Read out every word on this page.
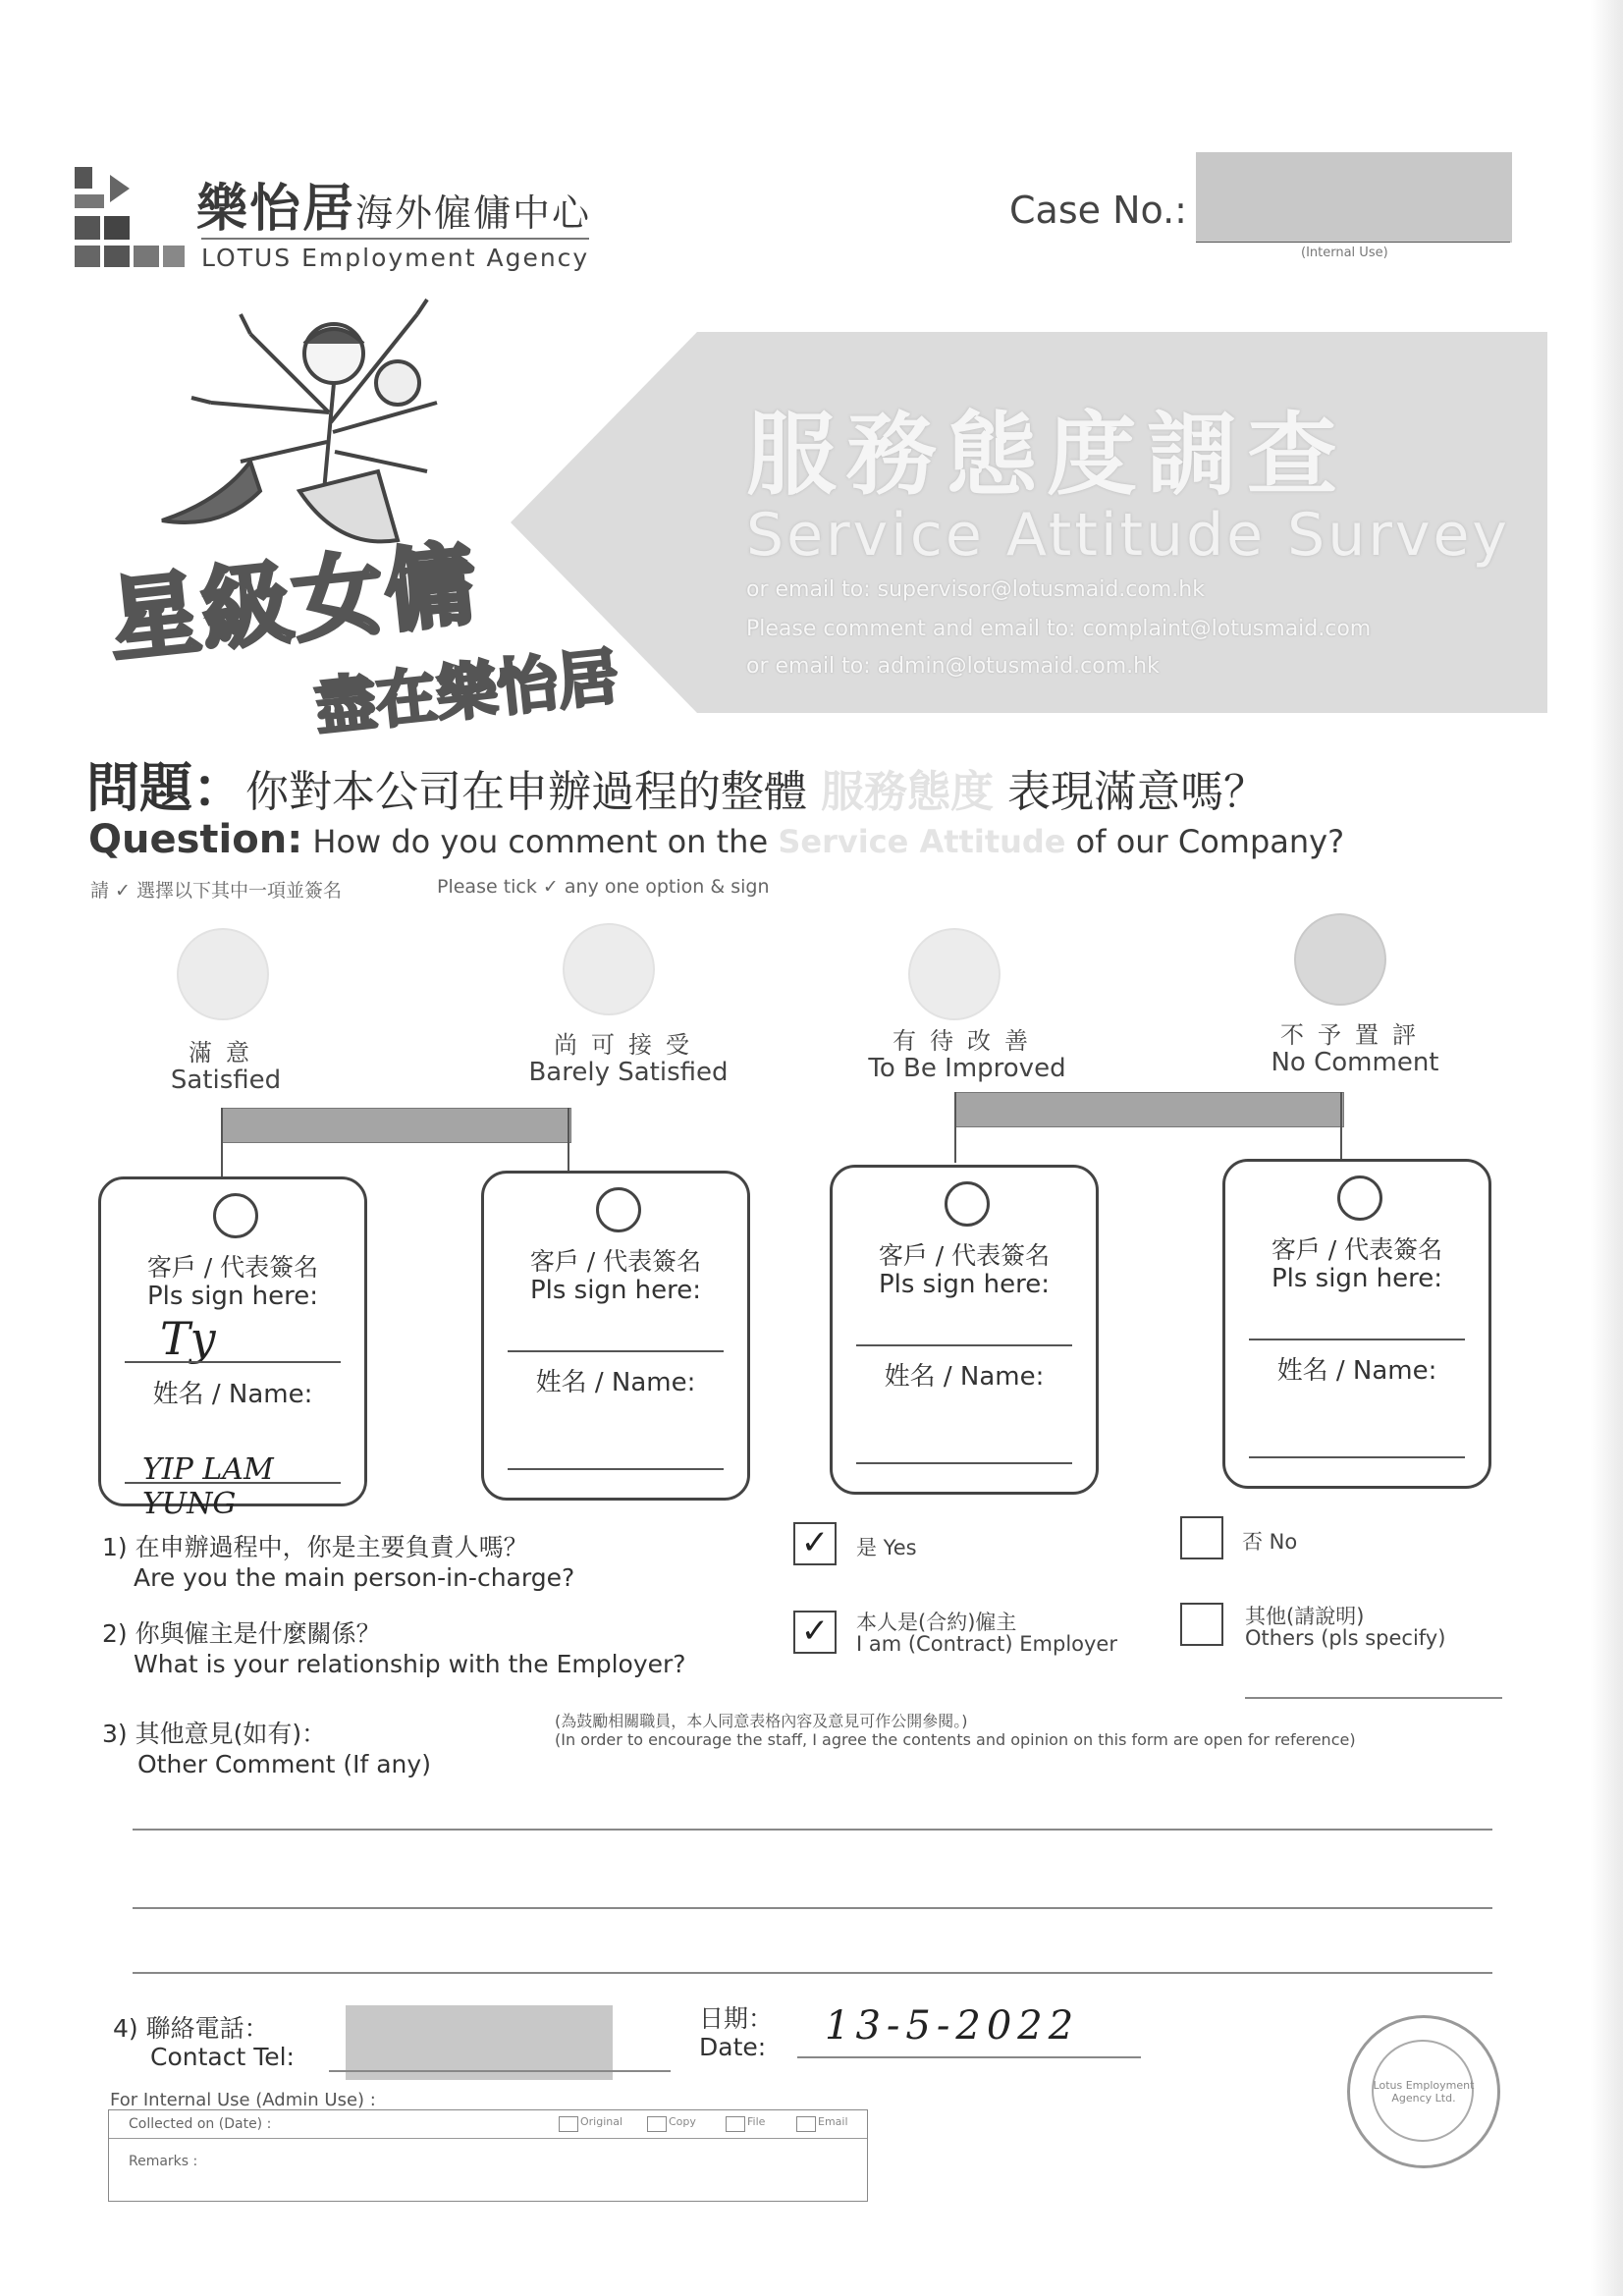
樂怡居海外僱傭中心
LOTUS Employment Agency
Case No.:
(Internal Use)
服務態度調查
Service Attitude Survey
or email to: supervisor@lotusmaid.com.hk
Please comment and email to: complaint@lotusmaid.com
or email to: admin@lotusmaid.com.hk
星級女傭
盡在樂怡居
問題：你對本公司在申辦過程的整體 服務態度 表現滿意嗎？
Question: How do you comment on the Service Attitude of our Company?
請 ✓ 選擇以下其中一項並簽名	Please tick ✓ any one option & sign
滿意
Satisfied
尚可接受
Barely Satisfied
有待改善
To Be Improved
不予置評
No Comment
客戶 / 代表簽名
Pls sign here:
Ty
姓名 / Name:
YIP LAM YUNG
客戶 / 代表簽名
Pls sign here:
姓名 / Name:
客戶 / 代表簽名
Pls sign here:
姓名 / Name:
客戶 / 代表簽名
Pls sign here:
姓名 / Name:
1) 在申辦過程中，你是主要負責人嗎？
Are you the main person-in-charge?
✓	是 Yes	否 No
2) 你與僱主是什麼關係？
What is your relationship with the Employer?
✓	本人是(合約)僱主
I am (Contract) Employer
其他(請說明)
Others (pls specify)
3) 其他意見(如有)：
Other Comment (If any)
(為鼓勵相關職員，本人同意表格內容及意見可作公開參閱。)
(In order to encourage the staff, I agree the contents and opinion on this form are open for reference)
4) 聯絡電話：
Contact Tel:
日期：
Date: 13-5-2022
Lotus Employment Agency Ltd.
For Internal Use (Admin Use) :
Collected on (Date) :	Original	Copy	File	Email
Remarks :
